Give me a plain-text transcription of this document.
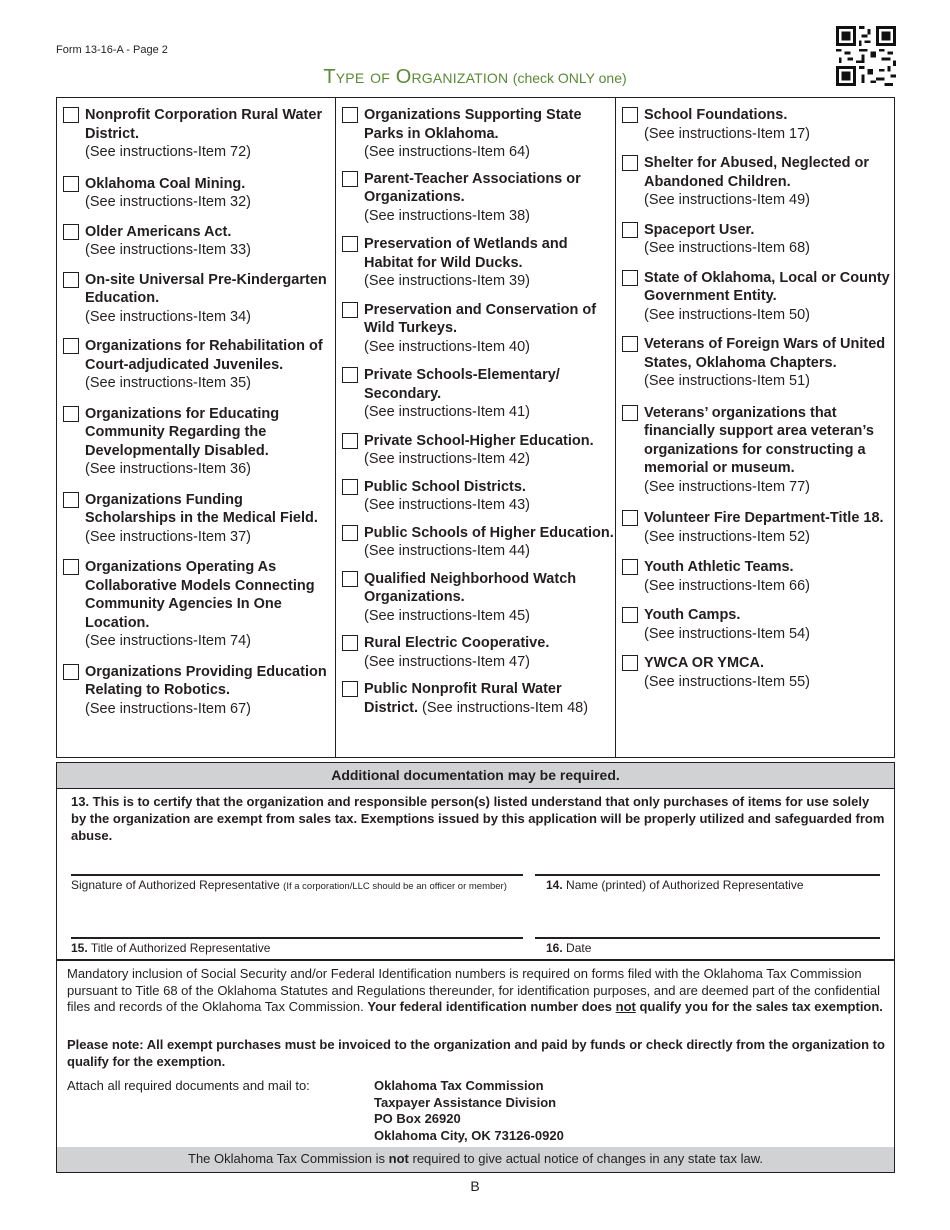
Form 13-16-A - Page 2
Type of Organization (check ONLY one)
Nonprofit Corporation Rural Water District.
(See instructions-Item 72)
Oklahoma Coal Mining.
(See instructions-Item 32)
Older Americans Act.
(See instructions-Item 33)
On-site Universal Pre-Kindergarten Education.
(See instructions-Item 34)
Organizations for Rehabilitation of Court-adjudicated Juveniles.
(See instructions-Item 35)
Organizations for Educating Community Regarding the Developmentally Disabled.
(See instructions-Item 36)
Organizations Funding Scholarships in the Medical Field.
(See instructions-Item 37)
Organizations Operating As Collaborative Models Connecting Community Agencies In One Location.
(See instructions-Item 74)
Organizations Providing Education Relating to Robotics.
(See instructions-Item 67)
Organizations Supporting State Parks in Oklahoma.
(See instructions-Item 64)
Parent-Teacher Associations or Organizations.
(See instructions-Item 38)
Preservation of Wetlands and Habitat for Wild Ducks.
(See instructions-Item 39)
Preservation and Conservation of Wild Turkeys.
(See instructions-Item 40)
Private Schools-Elementary/ Secondary.
(See instructions-Item 41)
Private School-Higher Education.
(See instructions-Item 42)
Public School Districts.
(See instructions-Item 43)
Public Schools of Higher Education.
(See instructions-Item 44)
Qualified Neighborhood Watch Organizations.
(See instructions-Item 45)
Rural Electric Cooperative.
(See instructions-Item 47)
Public Nonprofit Rural Water District. (See instructions-Item 48)
School Foundations.
(See instructions-Item 17)
Shelter for Abused, Neglected or Abandoned Children.
(See instructions-Item 49)
Spaceport User.
(See instructions-Item 68)
State of Oklahoma, Local or County Government Entity.
(See instructions-Item 50)
Veterans of Foreign Wars of United States, Oklahoma Chapters.
(See instructions-Item 51)
Veterans’ organizations that financially support area veteran’s organizations for constructing a memorial or museum.
(See instructions-Item 77)
Volunteer Fire Department-Title 18.
(See instructions-Item 52)
Youth Athletic Teams.
(See instructions-Item 66)
Youth Camps.
(See instructions-Item 54)
YWCA OR YMCA.
(See instructions-Item 55)
Additional documentation may be required.
13. This is to certify that the organization and responsible person(s) listed understand that only purchases of items for use solely by the organization are exempt from sales tax. Exemptions issued by this application will be properly utilized and safeguarded from abuse.
Signature of Authorized Representative (If a corporation/LLC should be an officer or member)	14. Name (printed) of Authorized Representative
15. Title of Authorized Representative	16. Date
Mandatory inclusion of Social Security and/or Federal Identification numbers is required on forms filed with the Oklahoma Tax Commission pursuant to Title 68 of the Oklahoma Statutes and Regulations thereunder, for identification purposes, and are deemed part of the confidential files and records of the Oklahoma Tax Commission. Your federal identification number does not qualify you for the sales tax exemption.
Please note: All exempt purchases must be invoiced to the organization and paid by funds or check directly from the organization to qualify for the exemption.
Attach all required documents and mail to:	Oklahoma Tax Commission
Taxpayer Assistance Division
PO Box 26920
Oklahoma City, OK 73126-0920
The Oklahoma Tax Commission is not required to give actual notice of changes in any state tax law.
B
